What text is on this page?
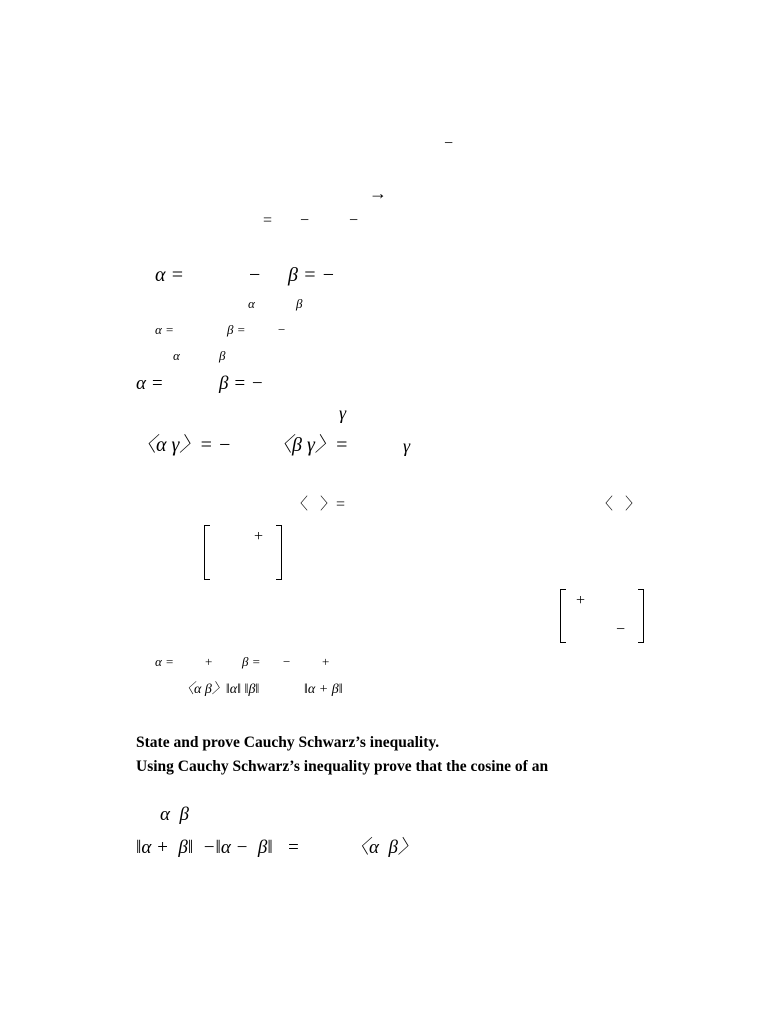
−
→
= − −
α =	− β = −
α	β
α =	β =	−
α	β
α =	β = −
γ
〈α γ〉= − 〈β γ〉=	γ
〈   〉=	〈   〉
+
+
−
α = + β = − +
〈α β〉‖α‖ ‖β‖	‖α + β‖
State and prove Cauchy Schwarz’s inequality.
Using Cauchy Schwarz’s inequality prove that the cosine of an
α  β
‖α +  β‖  −‖α −  β‖   =	〈α  β〉
